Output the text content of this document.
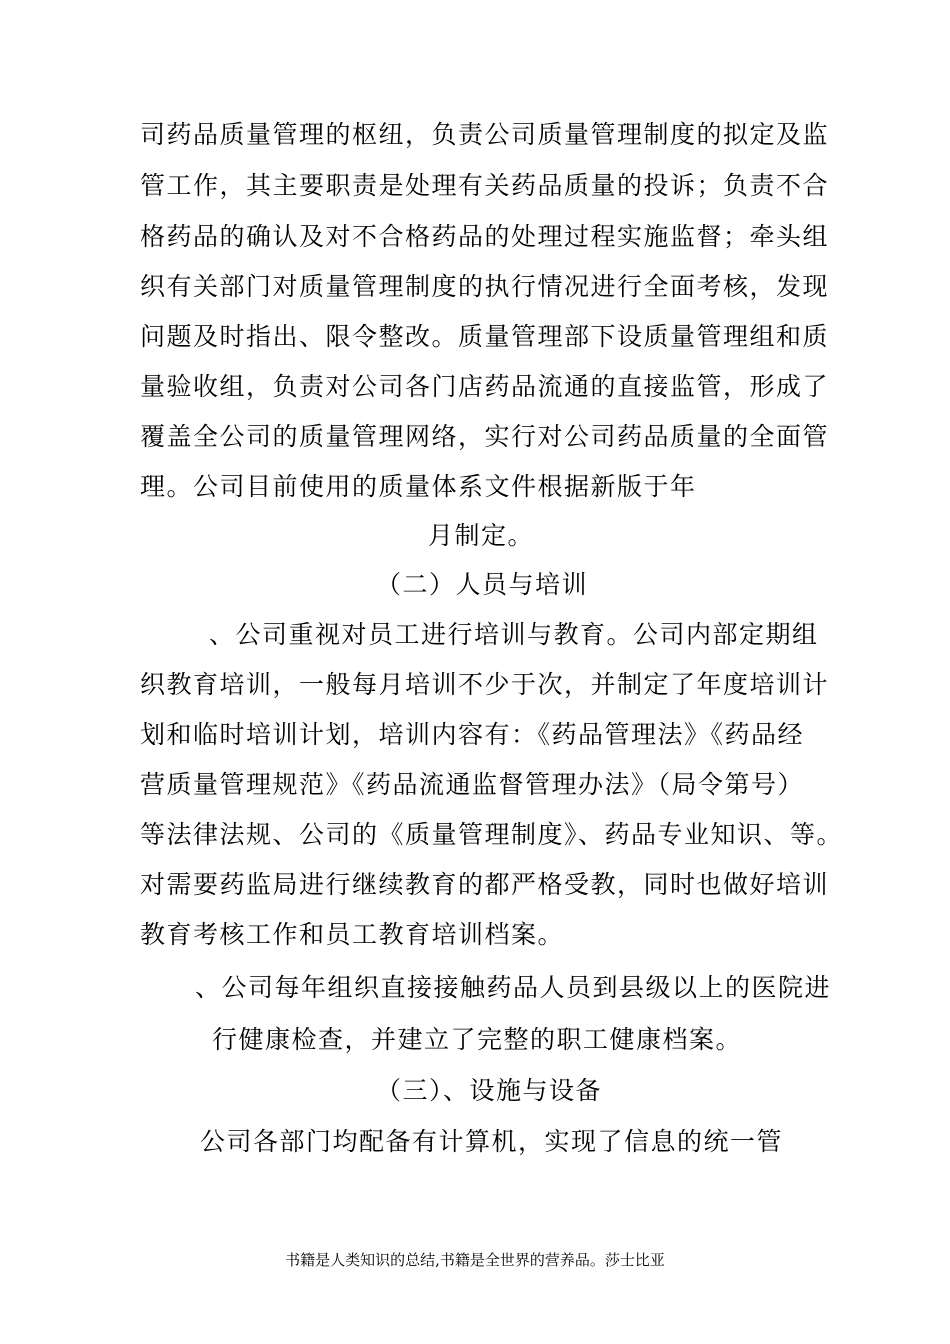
司药品质量管理的枢纽，负责公司质量管理制度的拟定及监
管工作，其主要职责是处理有关药品质量的投诉；负责不合
格药品的确认及对不合格药品的处理过程实施监督；牵头组
织有关部门对质量管理制度的执行情况进行全面考核，发现
问题及时指出、限令整改。质量管理部下设质量管理组和质
量验收组，负责对公司各门店药品流通的直接监管，形成了
覆盖全公司的质量管理网络，实行对公司药品质量的全面管
理。公司目前使用的质量体系文件根据新版于年
月制定。
（二）人员与培训
、公司重视对员工进行培训与教育。公司内部定期组
织教育培训，一般每月培训不少于次，并制定了年度培训计
划和临时培训计划，培训内容有：《药品管理法》《药品经
营质量管理规范》《药品流通监督管理办法》（局令第号）
等法律法规、公司的《质量管理制度》、药品专业知识、等。
对需要药监局进行继续教育的都严格受教，同时也做好培训
教育考核工作和员工教育培训档案。
、公司每年组织直接接触药品人员到县级以上的医院进
行健康检查，并建立了完整的职工健康档案。
（三）、设施与设备
公司各部门均配备有计算机，实现了信息的统一管
书籍是人类知识的总结,书籍是全世界的营养品。莎士比亚
